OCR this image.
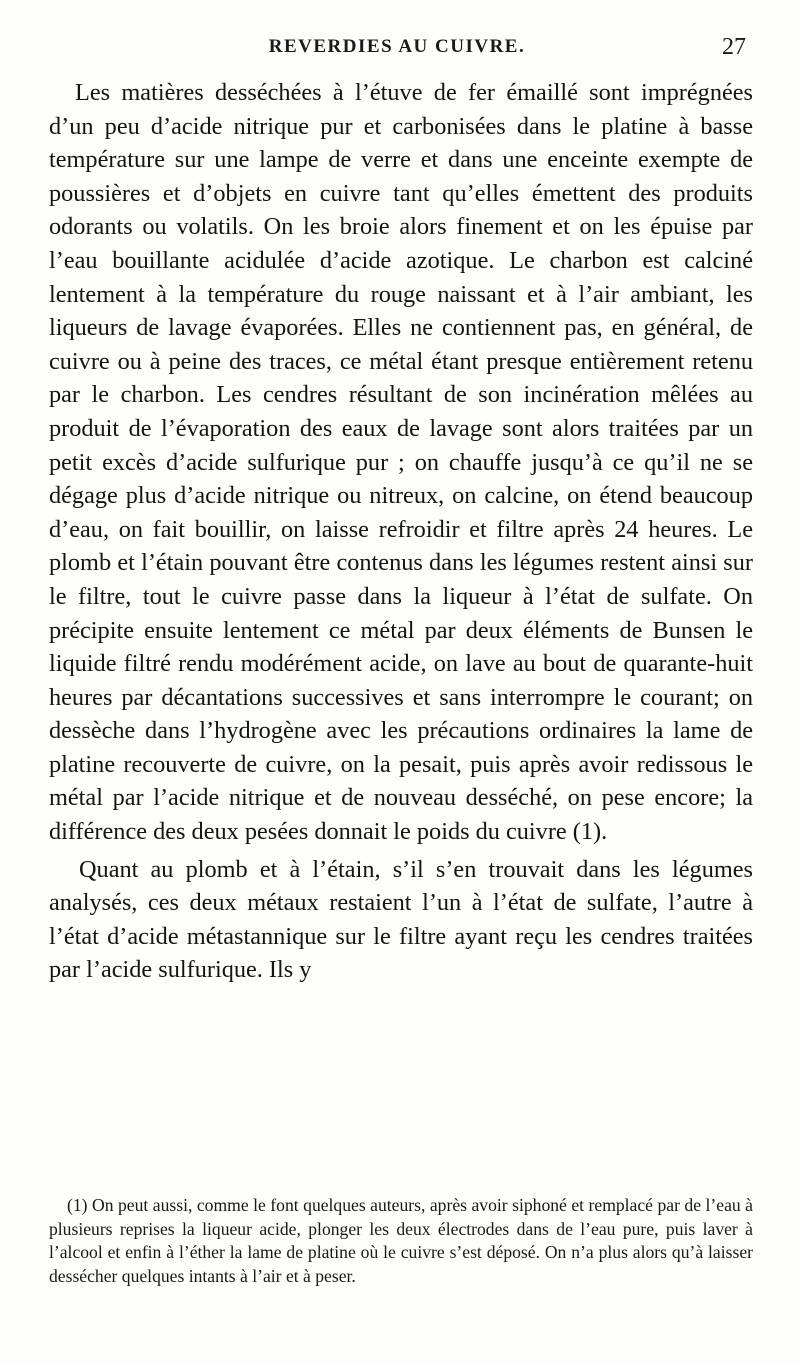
REVERDIES AU CUIVRE.	27

Les matières desséchées à l’étuve de fer émaillé sont imprégnées d’un peu d’acide nitrique pur et carbonisées dans le platine à basse température sur une lampe de verre et dans une enceinte exempte de poussières et d’objets en cuivre tant qu’elles émettent des produits odorants ou volatils. On les broie alors finement et on les épuise par l’eau bouillante acidulée d’acide azotique. Le charbon est calciné lentement à la température du rouge naissant et à l’air ambiant, les liqueurs de lavage évaporées. Elles ne contiennent pas, en général, de cuivre ou à peine des traces, ce métal étant presque entièrement retenu par le charbon. Les cendres résultant de son incinération mêlées au produit de l’évaporation des eaux de lavage sont alors traitées par un petit excès d’acide sulfurique pur ; on chauffe jusqu’à ce qu’il ne se dégage plus d’acide nitrique ou nitreux, on calcine, on étend beaucoup d’eau, on fait bouillir, on laisse refroidir et filtre après 24 heures. Le plomb et l’étain pouvant être contenus dans les légumes restent ainsi sur le filtre, tout le cuivre passe dans la liqueur à l’état de sulfate. On précipite ensuite lentement ce métal par deux éléments de Bunsen le liquide filtré rendu modérément acide, on lave au bout de quarante-huit heures par décantations successives et sans interrompre le courant; on dessèche dans l’hydrogène avec les précautions ordinaires la lame de platine recouverte de cuivre, on la pesait, puis après avoir redissous le métal par l’acide nitrique et de nouveau desséché, on pese encore; la différence des deux pesées donnait le poids du cuivre (1).

Quant au plomb et à l’étain, s’il s’en trouvait dans les légumes analysés, ces deux métaux restaient l’un à l’état de sulfate, l’autre à l’état d’acide métastannique sur le filtre ayant reçu les cendres traitées par l’acide sulfurique. Ils y

(1) On peut aussi, comme le font quelques auteurs, après avoir siphoné et remplacé par de l’eau à plusieurs reprises la liqueur acide, plonger les deux électrodes dans de l’eau pure, puis laver à l’alcool et enfin à l’éther la lame de platine où le cuivre s’est déposé. On n’a plus alors qu’à laisser dessécher quelques intants à l’air et à peser.
